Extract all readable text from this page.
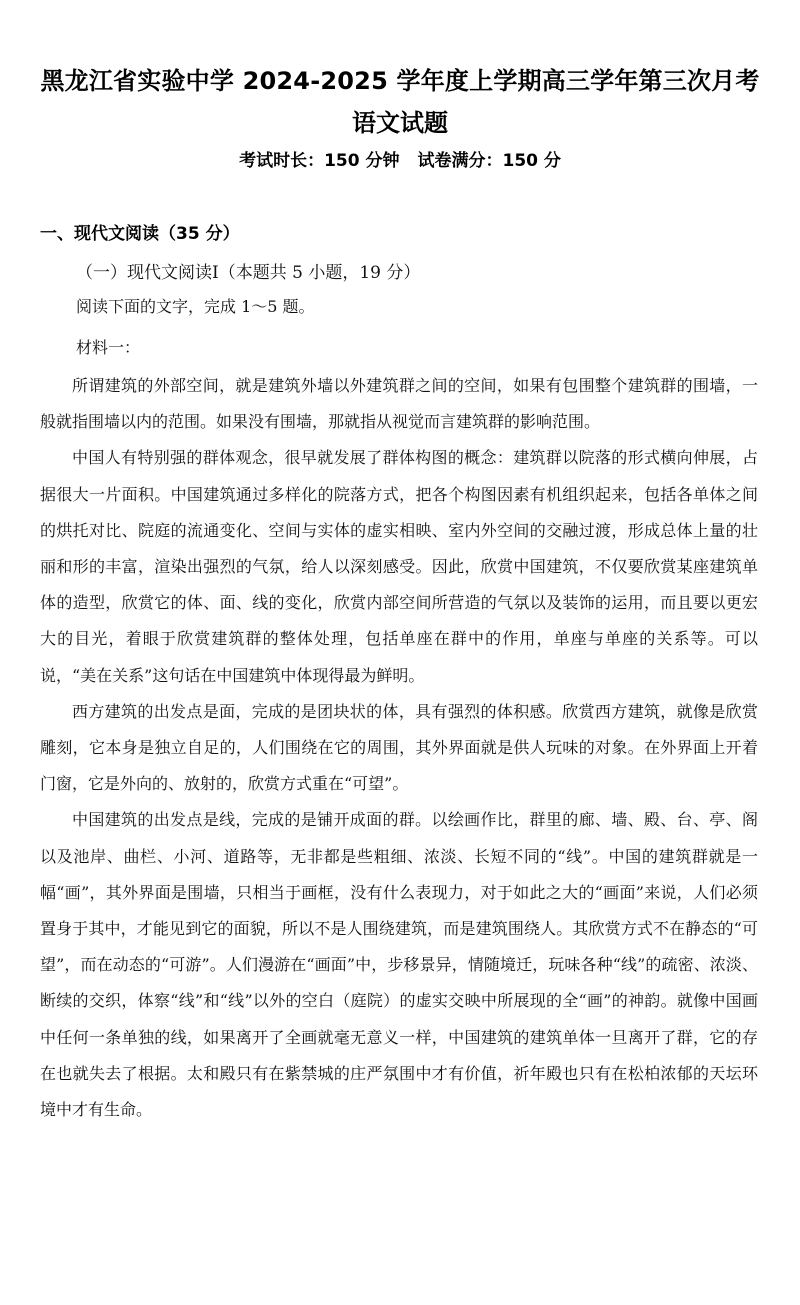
黑龙江省实验中学 2024-2025 学年度上学期高三学年第三次月考
语文试题
考试时长：150 分钟 试卷满分：150 分
一、现代文阅读（35 分）
（一）现代文阅读Ⅰ（本题共 5 小题，19 分）
阅读下面的文字，完成 1～5 题。
材料一：

所谓建筑的外部空间，就是建筑外墙以外建筑群之间的空间，如果有包围整个建筑群的围墙，一般就指围墙以内的范围。如果没有围墙，那就指从视觉而言建筑群的影响范围。

中国人有特别强的群体观念，很早就发展了群体构图的概念：建筑群以院落的形式横向伸展，占据很大一片面积。中国建筑通过多样化的院落方式，把各个构图因素有机组织起来，包括各单体之间的烘托对比、院庭的流通变化、空间与实体的虚实相映、室内外空间的交融过渡，形成总体上量的壮丽和形的丰富，渲染出强烈的气氛，给人以深刻感受。因此，欣赏中国建筑，不仅要欣赏某座建筑单体的造型，欣赏它的体、面、线的变化，欣赏内部空间所营造的气氛以及装饰的运用，而且要以更宏大的目光，着眼于欣赏建筑群的整体处理，包括单座在群中的作用，单座与单座的关系等。可以说，“美在关系”这句话在中国建筑中体现得最为鲜明。

西方建筑的出发点是面，完成的是团块状的体，具有强烈的体积感。欣赏西方建筑，就像是欣赏雕刻，它本身是独立自足的，人们围绕在它的周围，其外界面就是供人玩味的对象。在外界面上开着门窗，它是外向的、放射的，欣赏方式重在“可望”。

中国建筑的出发点是线，完成的是铺开成面的群。以绘画作比，群里的廊、墙、殿、台、亭、阁以及池岸、曲栏、小河、道路等，无非都是些粗细、浓淡、长短不同的“线”。中国的建筑群就是一幅“画”，其外界面是围墙，只相当于画框，没有什么表现力，对于如此之大的“画面”来说，人们必须置身于其中，才能见到它的面貌，所以不是人围绕建筑，而是建筑围绕人。其欣赏方式不在静态的“可望”，而在动态的“可游”。人们漫游在“画面”中，步移景异，情随境迁，玩味各种“线”的疏密、浓淡、断续的交织，体察“线”和“线”以外的空白（庭院）的虚实交映中所展现的全“画”的神韵。就像中国画中任何一条单独的线，如果离开了全画就毫无意义一样，中国建筑的建筑单体一旦离开了群，它的存在也就失去了根据。太和殿只有在紫禁城的庄严氛围中才有价值，祈年殿也只有在松柏浓郁的天坛环境中才有生命。
